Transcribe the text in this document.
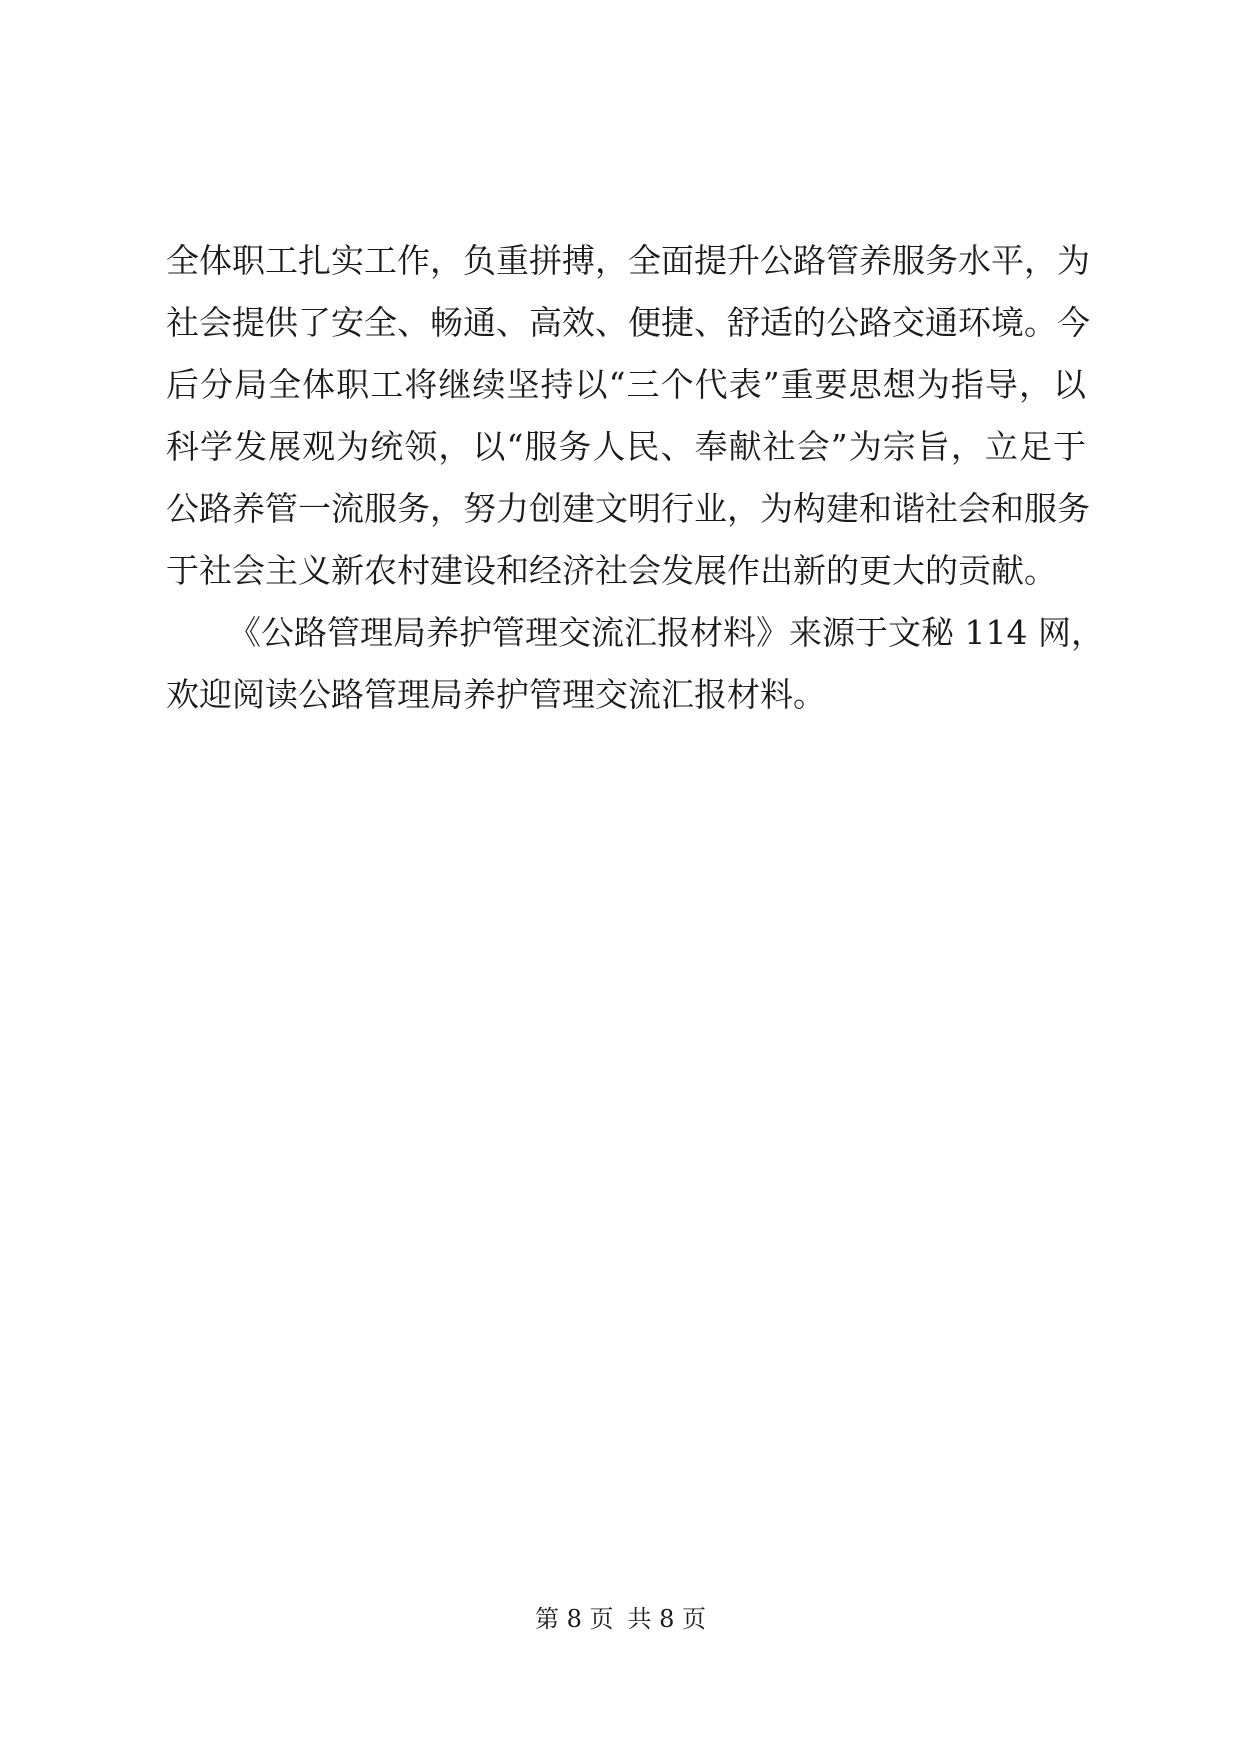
全体职工扎实工作，负重拼搏，全面提升公路管养服务水平，为
社会提供了安全、畅通、高效、便捷、舒适的公路交通环境。今
后分局全体职工将继续坚持以“三个代表”重要思想为指导，以
科学发展观为统领，以“服务人民、奉献社会”为宗旨，立足于
公路养管一流服务，努力创建文明行业，为构建和谐社会和服务
于社会主义新农村建设和经济社会发展作出新的更大的贡献。
《公路管理局养护管理交流汇报材料》来源于文秘 114 网，
欢迎阅读公路管理局养护管理交流汇报材料。
第 8 页 共 8 页
